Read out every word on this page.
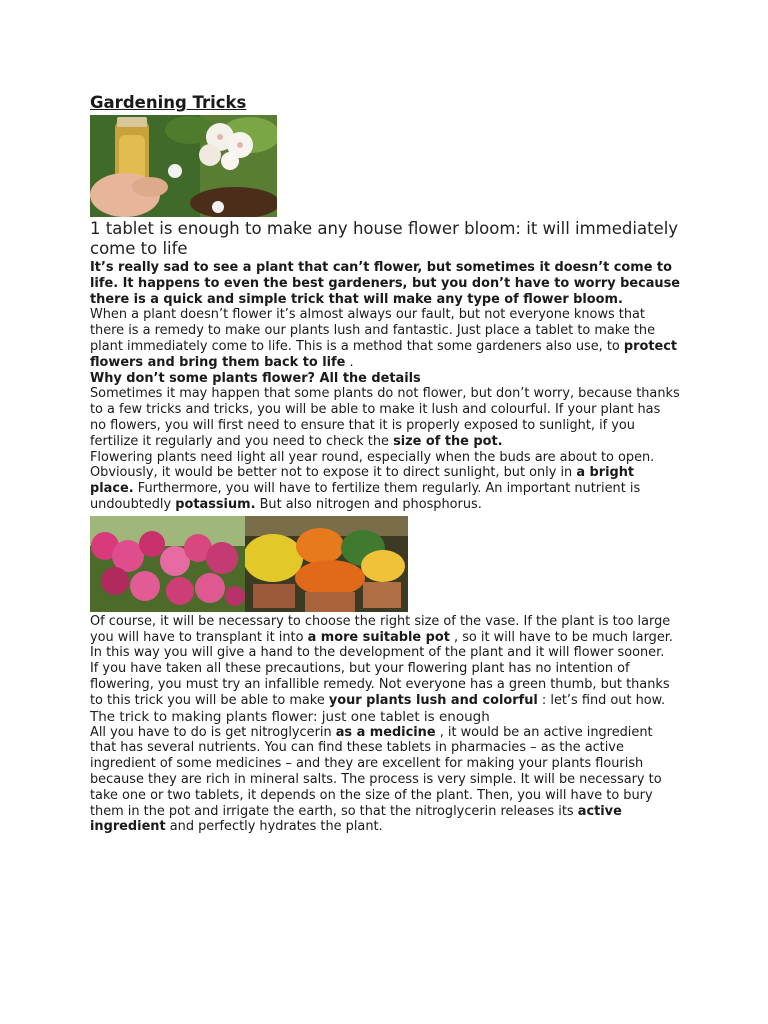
Gardening Tricks
1 tablet is enough to make any house flower bloom: it will immediately come to life

It’s really sad to see a plant that can’t flower, but sometimes it doesn’t come to life. It happens to even the best gardeners, but you don’t have to worry because there is a quick and simple trick that will make any type of flower bloom.

When a plant doesn’t flower it’s almost always our fault, but not everyone knows that there is a remedy to make our plants lush and fantastic. Just place a tablet to make the plant immediately come to life. This is a method that some gardeners also use, to protect flowers and bring them back to life .

Why don’t some plants flower? All the details

Sometimes it may happen that some plants do not flower, but don’t worry, because thanks to a few tricks and tricks, you will be able to make it lush and colourful. If your plant has no flowers, you will first need to ensure that it is properly exposed to sunlight, if you fertilize it regularly and you need to check the size of the pot.

Flowering plants need light all year round, especially when the buds are about to open. Obviously, it would be better not to expose it to direct sunlight, but only in a bright place. Furthermore, you will have to fertilize them regularly. An important nutrient is undoubtedly potassium. But also nitrogen and phosphorus.

Of course, it will be necessary to choose the right size of the vase. If the plant is too large you will have to transplant it into a more suitable pot , so it will have to be much larger. In this way you will give a hand to the development of the plant and it will flower sooner.

If you have taken all these precautions, but your flowering plant has no intention of flowering, you must try an infallible remedy. Not everyone has a green thumb, but thanks to this trick you will be able to make your plants lush and colorful : let’s find out how.

The trick to making plants flower: just one tablet is enough

All you have to do is get nitroglycerin as a medicine , it would be an active ingredient that has several nutrients. You can find these tablets in pharmacies – as the active ingredient of some medicines – and they are excellent for making your plants flourish because they are rich in mineral salts. The process is very simple. It will be necessary to take one or two tablets, it depends on the size of the plant. Then, you will have to bury them in the pot and irrigate the earth, so that the nitroglycerin releases its active ingredient and perfectly hydrates the plant.
